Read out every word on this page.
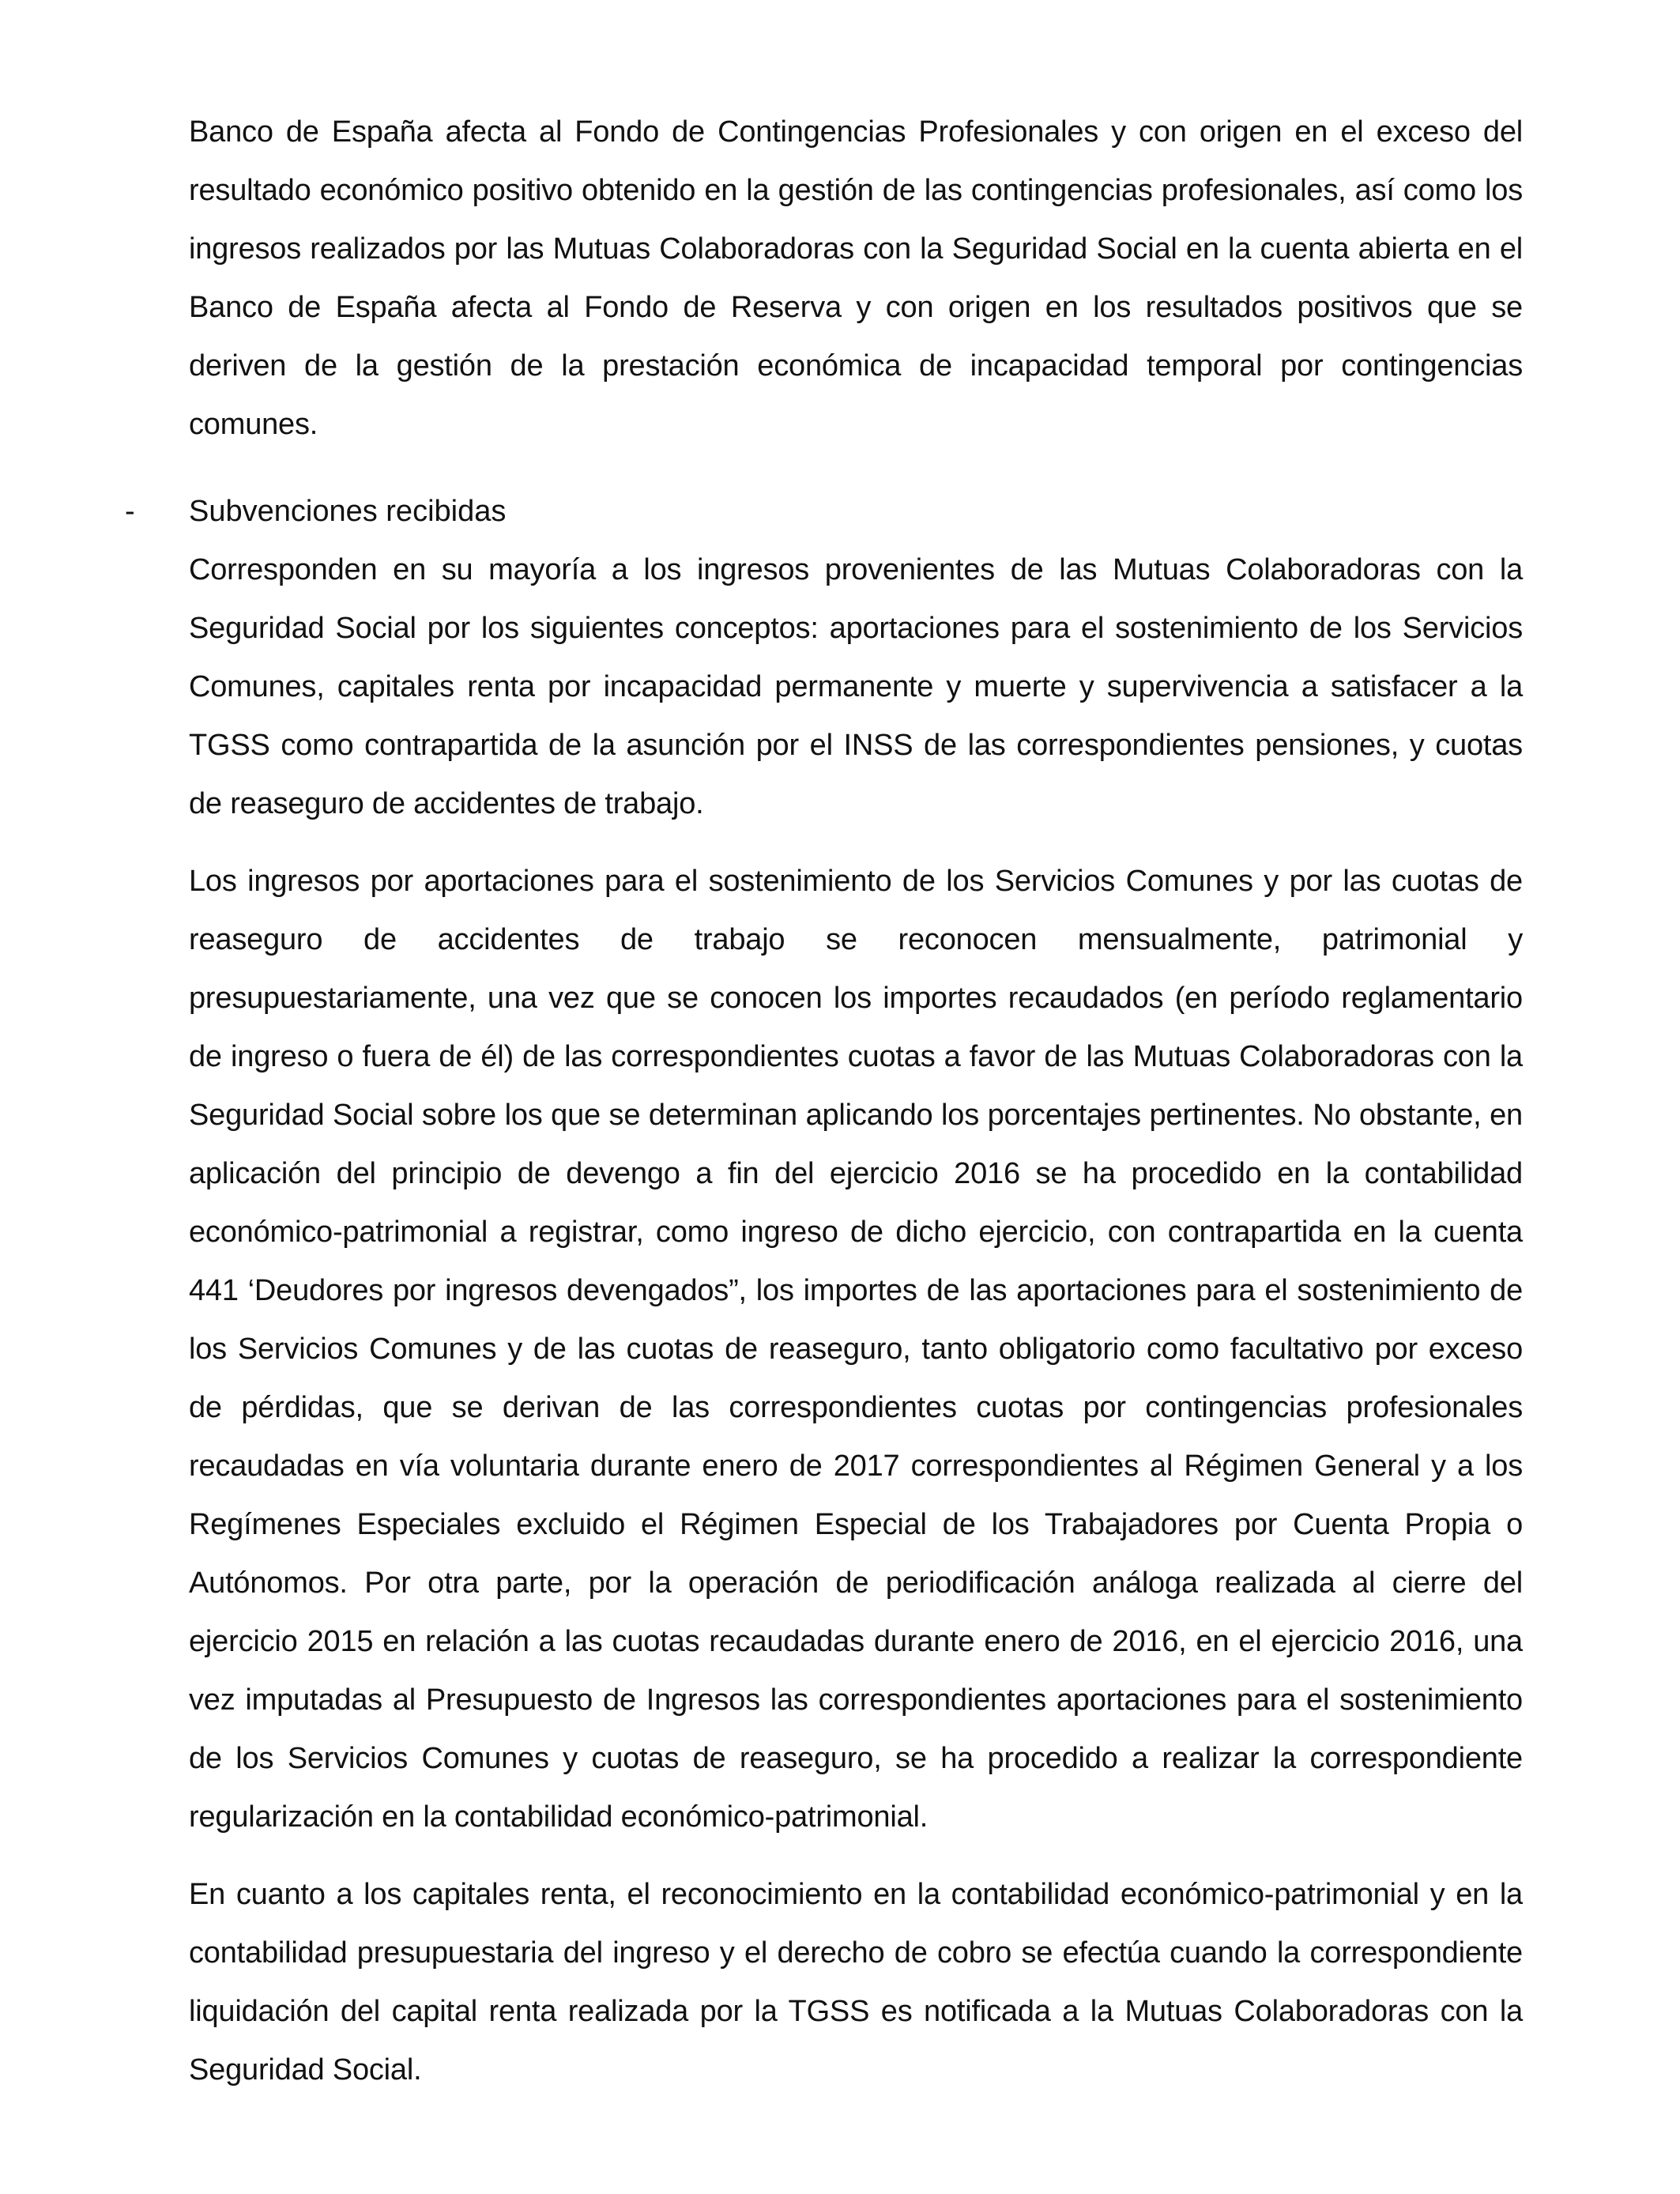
Banco de España afecta al Fondo de Contingencias Profesionales y con origen en el exceso del resultado económico positivo obtenido en la gestión de las contingencias profesionales, así como los ingresos realizados por las Mutuas Colaboradoras con la Seguridad Social en la cuenta abierta en el Banco de España afecta al Fondo de Reserva y con origen en los resultados positivos que se deriven de la gestión de la prestación económica de incapacidad temporal por contingencias comunes.

- Subvenciones recibidas

Corresponden en su mayoría a los ingresos provenientes de las Mutuas Colaboradoras con la Seguridad Social por los siguientes conceptos: aportaciones para el sostenimiento de los Servicios Comunes, capitales renta por incapacidad permanente y muerte y supervivencia a satisfacer a la TGSS como contrapartida de la asunción por el INSS de las correspondientes pensiones, y cuotas de reaseguro de accidentes de trabajo.

Los ingresos por aportaciones para el sostenimiento de los Servicios Comunes y por las cuotas de reaseguro de accidentes de trabajo se reconocen mensualmente, patrimonial y presupuestariamente, una vez que se conocen los importes recaudados (en período reglamentario de ingreso o fuera de él) de las correspondientes cuotas a favor de las Mutuas Colaboradoras con la Seguridad Social sobre los que se determinan aplicando los porcentajes pertinentes. No obstante, en aplicación del principio de devengo a fin del ejercicio 2016 se ha procedido en la contabilidad económico-patrimonial a registrar, como ingreso de dicho ejercicio, con contrapartida en la cuenta 441 ‘Deudores por ingresos devengados”, los importes de las aportaciones para el sostenimiento de los Servicios Comunes y de las cuotas de reaseguro, tanto obligatorio como facultativo por exceso de pérdidas, que se derivan de las correspondientes cuotas por contingencias profesionales recaudadas en vía voluntaria durante enero de 2017 correspondientes al Régimen General y a los Regímenes Especiales excluido el Régimen Especial de los Trabajadores por Cuenta Propia o Autónomos. Por otra parte, por la operación de periodificación análoga realizada al cierre del ejercicio 2015 en relación a las cuotas recaudadas durante enero de 2016, en el ejercicio 2016, una vez imputadas al Presupuesto de Ingresos las correspondientes aportaciones para el sostenimiento de los Servicios Comunes y cuotas de reaseguro, se ha procedido a realizar la correspondiente regularización en la contabilidad económico-patrimonial.

En cuanto a los capitales renta, el reconocimiento en la contabilidad económico-patrimonial y en la contabilidad presupuestaria del ingreso y el derecho de cobro se efectúa cuando la correspondiente liquidación del capital renta realizada por la TGSS es notificada a la Mutuas Colaboradoras con la Seguridad Social.
